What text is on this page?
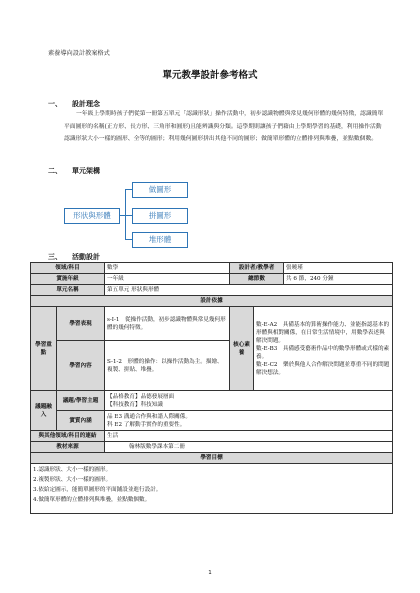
素養導向設計教案格式
單元教學設計參考格式
一、 設計理念
一年級上學期時孩子們從第一冊第五單元「認識形狀」操作活動中，初步認識物體與常見幾何形體的幾何特徵，認識簡單平面圖形的名稱(正方形、長方形、三角形和圓形)且能辨識與分類。這學期則讓孩子們藉由上學期學習的基礎，利用操作活動認識形狀大小一樣的圖形、全等的圖形；利用幾何圖形拼出其他不同的圖形；做簡單形體的立體排列與堆疊，並點數個數。
二、 單元架構
形狀與形體
做圖形
拼圖形
堆形體
三、 活動設計
領域/科目		數學	設計者/教學者		張曉瑾
實施年級		一年級	總節數		共 6 節，240 分鐘
單元名稱		第五單元 形狀與形體			
設計依據					
學習重點	學習表現	s-I-1　從操作活動，初步認識物體與常見幾何形體的幾何特徵。	核心素養	數-E-A2　具備基本的算術操作能力、並能指認基本的形體與相對關係，在日常生活情境中，用數學表述與解決問題。
數-E-B3　具備感受藝術作品中的數學形體或式樣的素養。
數-E-C2　樂於與他人合作解決問題並尊重不同的問題解決想法。	
	學習內容	S-1-2　形體的操作：以操作活動為主。描繪、複製、拼貼、堆疊。			
議題融入	議題/學習主題	【品格教育】品德發展層面
【科技教育】科技知識			
	實質內涵	品 E3 溝通合作與和諧人際關係。
科 E2 了解動手實作的重要性。			
與其他領域/科目的連結		生活			
教材來源		翰林版數學課本第二冊			
學習目標					

1.認識形狀、大小一樣的圖形。
2.複製形狀、大小一樣的圖形。
3.依給定圖示，能簡單圖形的平面鋪設並進行設計。
4.做簡單形體的立體排列與堆疊，並點數個數。					
1
